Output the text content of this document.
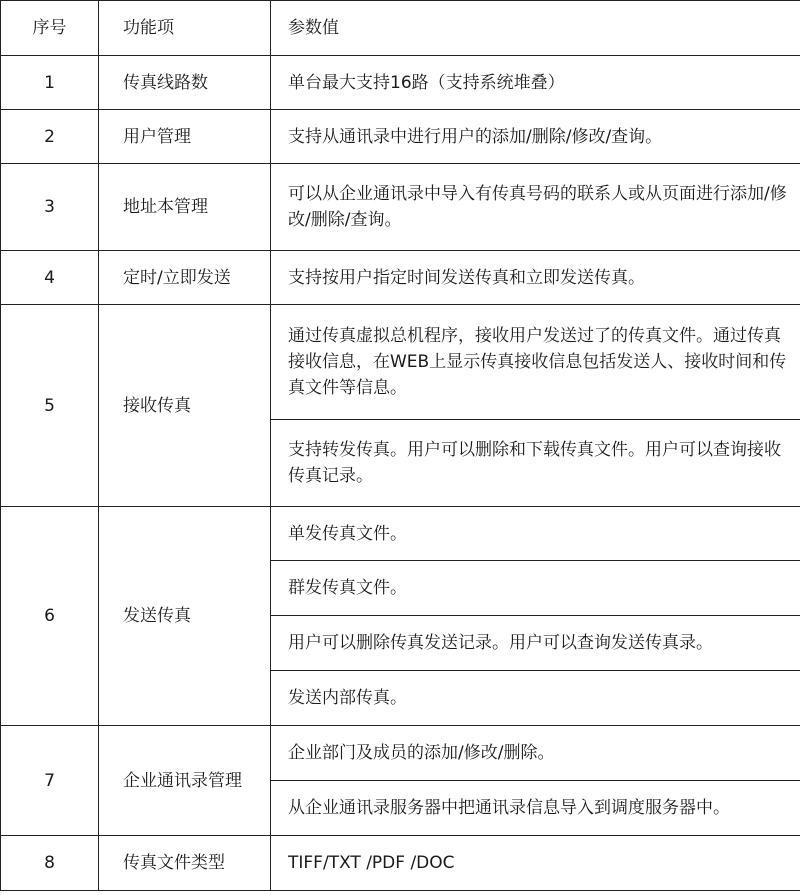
序号	功能项	参数值
1	传真线路数	单台最大支持16路（支持系统堆叠）
2	用户管理	支持从通讯录中进行用户的添加/删除/修改/查询。
3	地址本管理	可以从企业通讯录中导入有传真号码的联系人或从页面进行添加/修改/删除/查询。
4	定时/立即发送	支持按用户指定时间发送传真和立即发送传真。
5	接收传真	通过传真虚拟总机程序，接收用户发送过了的传真文件。通过传真接收信息，在WEB上显示传真接收信息包括发送人、接收时间和传真文件等信息。
		支持转发传真。用户可以删除和下载传真文件。用户可以查询接收传真记录。
6	发送传真	单发传真文件。
		群发传真文件。
		用户可以删除传真发送记录。用户可以查询发送传真录。
		发送内部传真。
7	企业通讯录管理	企业部门及成员的添加/修改/删除。
		从企业通讯录服务器中把通讯录信息导入到调度服务器中。
8	传真文件类型	TIFF/TXT /PDF /DOC
